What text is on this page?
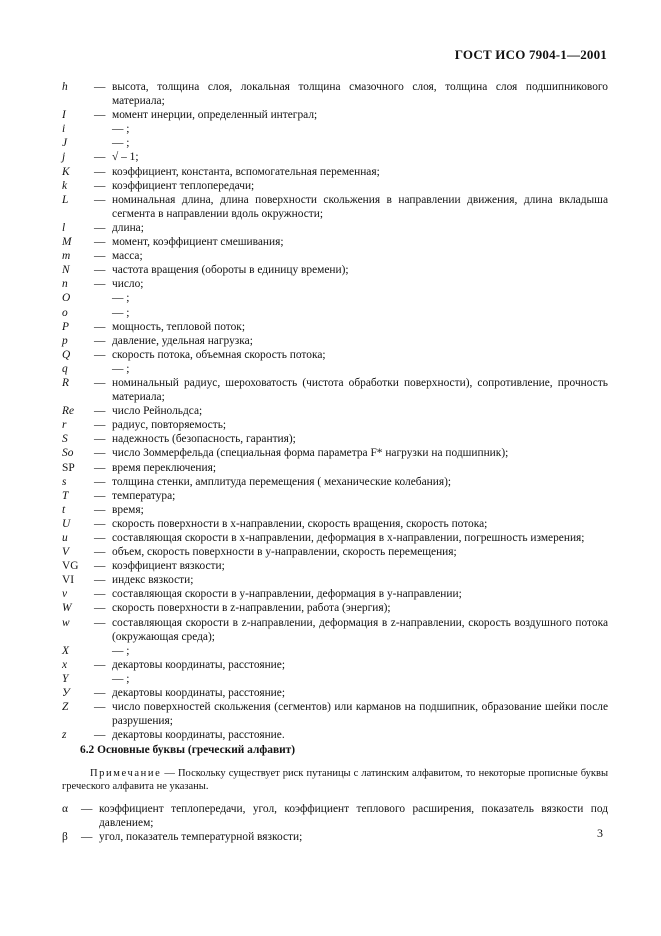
ГОСТ ИСО 7904-1—2001
h	— высота, толщина слоя, локальная толщина смазочного слоя, толщина слоя подшипникового материала;
I	— момент инерции, определенный интеграл;
i	— ;
J	— ;
j	— √ – 1;
K	— коэффициент, константа, вспомогательная переменная;
k	— коэффициент теплопередачи;
L	— номинальная длина, длина поверхности скольжения в направлении движения, длина вкладыша сегмента в направлении вдоль окружности;
l	— длина;
M	— момент, коэффициент смешивания;
m	— масса;
N	— частота вращения (обороты в единицу времени);
n	— число;
O	— ;
o	— ;
P	— мощность, тепловой поток;
p	— давление, удельная нагрузка;
Q	— скорость потока, объемная скорость потока;
q	— ;
R	— номинальный радиус, шероховатость (чистота обработки поверхности), сопротивление, прочность материала;
Re	— число Рейнольдса;
r	— радиус, повторяемость;
S	— надежность (безопасность, гарантия);
So	— число Зоммерфельда (специальная форма параметра F* нагрузки на подшипник);
SP	— время переключения;
s	— толщина стенки, амплитуда перемещения ( механические колебания);
T	— температура;
t	— время;
U	— скорость поверхности в x-направлении, скорость вращения, скорость потока;
u	— составляющая скорости в x-направлении, деформация в x-направлении, погрешность измерения;
V	— объем, скорость поверхности в y-направлении, скорость перемещения;
VG	— коэффициент вязкости;
VI	— индекс вязкости;
v	— составляющая скорости в y-направлении, деформация в y-направлении;
W	— скорость поверхности в z-направлении, работа (энергия);
w	— составляющая скорости в z-направлении, деформация в z-направлении, скорость воздушного потока (окружающая среда);
X	— ;
x	— декартовы координаты, расстояние;
Y	— ;
У	— декартовы координаты, расстояние;
Z	— число поверхностей скольжения (сегментов) или карманов на подшипник, образование шейки после разрушения;
z	— декартовы координаты, расстояние.
6.2 Основные буквы (греческий алфавит)
Примечание — Поскольку существует риск путаницы с латинским алфавитом, то некоторые прописные буквы греческого алфавита не указаны.
α	— коэффициент теплопередачи, угол, коэффициент теплового расширения, показатель вязкости под давлением;
β	— угол, показатель температурной вязкости;	3
